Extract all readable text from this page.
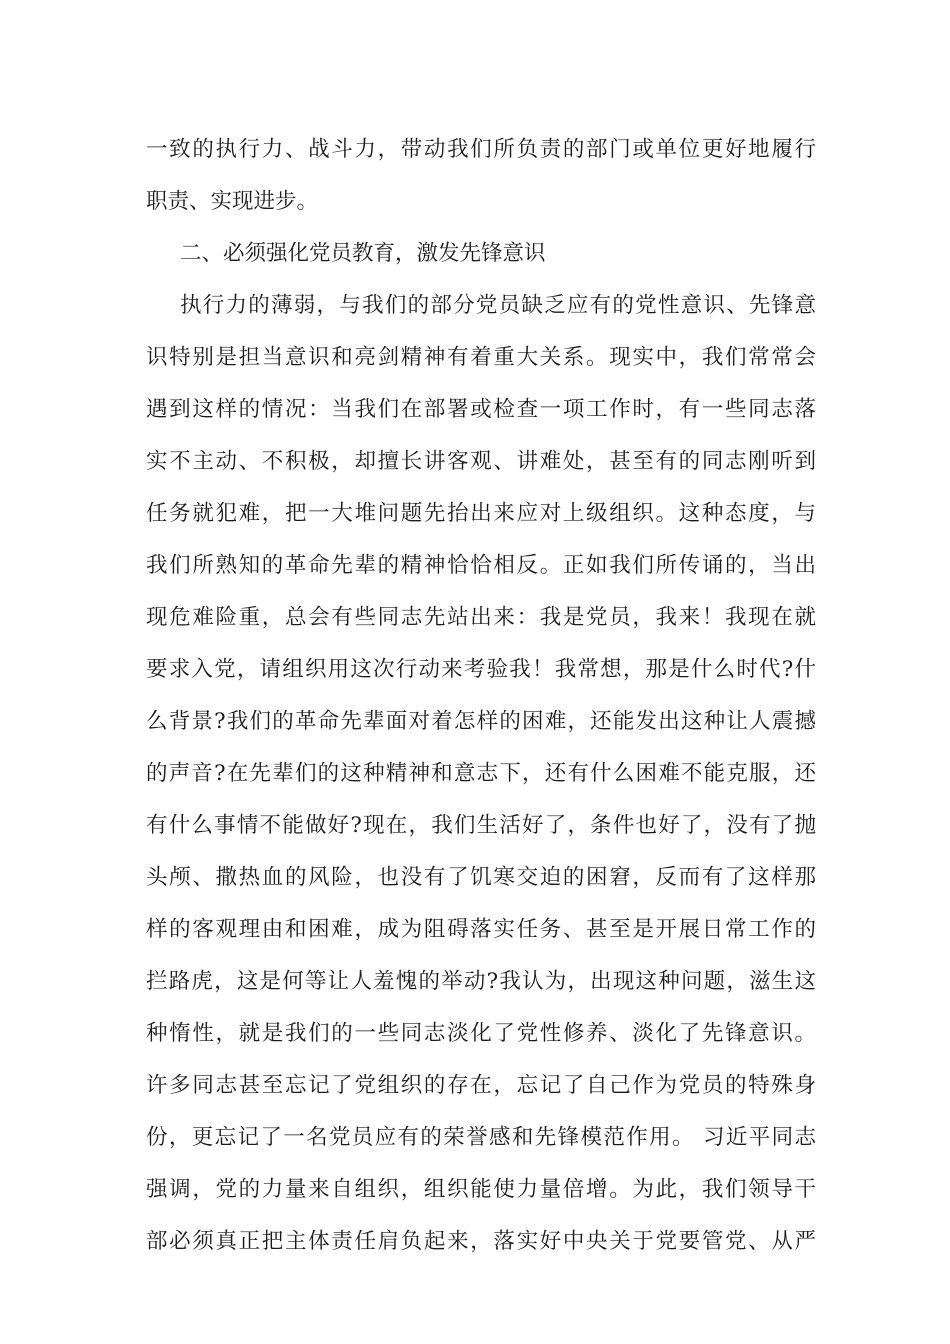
一致的执行力、战斗力，带动我们所负责的部门或单位更好地履行
职责、实现进步。
二、必须强化党员教育，激发先锋意识
执行力的薄弱，与我们的部分党员缺乏应有的党性意识、先锋意
识特别是担当意识和亮剑精神有着重大关系。现实中，我们常常会
遇到这样的情况：当我们在部署或检查一项工作时，有一些同志落
实不主动、不积极，却擅长讲客观、讲难处，甚至有的同志刚听到
任务就犯难，把一大堆问题先抬出来应对上级组织。这种态度，与
我们所熟知的革命先辈的精神恰恰相反。正如我们所传诵的，当出
现危难险重，总会有些同志先站出来：我是党员，我来！我现在就
要求入党，请组织用这次行动来考验我！我常想，那是什么时代?什
么背景?我们的革命先辈面对着怎样的困难，还能发出这种让人震撼
的声音?在先辈们的这种精神和意志下，还有什么困难不能克服，还
有什么事情不能做好?现在，我们生活好了，条件也好了，没有了抛
头颅、撒热血的风险，也没有了饥寒交迫的困窘，反而有了这样那
样的客观理由和困难，成为阻碍落实任务、甚至是开展日常工作的
拦路虎，这是何等让人羞愧的举动?我认为，出现这种问题，滋生这
种惰性，就是我们的一些同志淡化了党性修养、淡化了先锋意识。
许多同志甚至忘记了党组织的存在，忘记了自己作为党员的特殊身
份，更忘记了一名党员应有的荣誉感和先锋模范作用。 习近平同志
强调，党的力量来自组织，组织能使力量倍增。为此，我们领导干
部必须真正把主体责任肩负起来，落实好中央关于党要管党、从严
